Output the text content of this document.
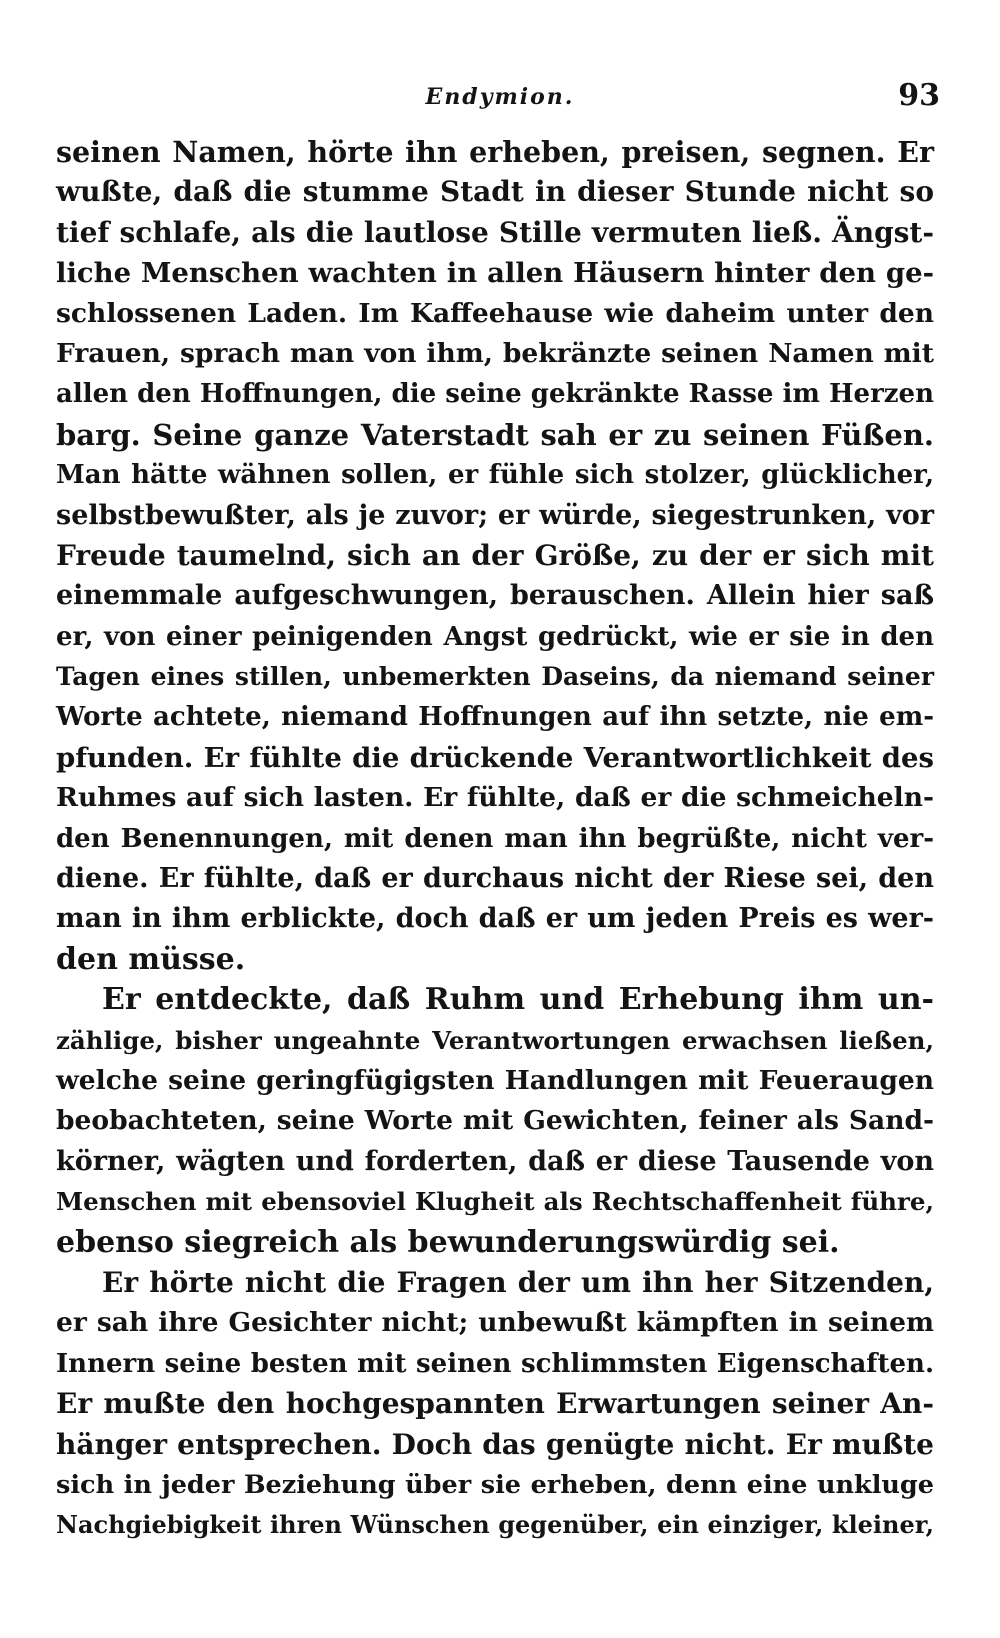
Endymion.	93
seinen Namen, hörte ihn erheben, preisen, segnen. Er
wußte, daß die stumme Stadt in dieser Stunde nicht so
tief schlafe, als die lautlose Stille vermuten ließ. Ängst-
liche Menschen wachten in allen Häusern hinter den ge-
schlossenen Laden. Im Kaffeehause wie daheim unter den
Frauen, sprach man von ihm, bekränzte seinen Namen mit
allen den Hoffnungen, die seine gekränkte Rasse im Herzen
barg. Seine ganze Vaterstadt sah er zu seinen Füßen.
Man hätte wähnen sollen, er fühle sich stolzer, glücklicher,
selbstbewußter, als je zuvor; er würde, siegestrunken, vor
Freude taumelnd, sich an der Größe, zu der er sich mit
einemmale aufgeschwungen, berauschen. Allein hier saß
er, von einer peinigenden Angst gedrückt, wie er sie in den
Tagen eines stillen, unbemerkten Daseins, da niemand seiner
Worte achtete, niemand Hoffnungen auf ihn setzte, nie em-
pfunden. Er fühlte die drückende Verantwortlichkeit des
Ruhmes auf sich lasten. Er fühlte, daß er die schmeicheln-
den Benennungen, mit denen man ihn begrüßte, nicht ver-
diene. Er fühlte, daß er durchaus nicht der Riese sei, den
man in ihm erblickte, doch daß er um jeden Preis es wer-
den müsse.
Er entdeckte, daß Ruhm und Erhebung ihm un-
zählige, bisher ungeahnte Verantwortungen erwachsen ließen,
welche seine geringfügigsten Handlungen mit Feueraugen
beobachteten, seine Worte mit Gewichten, feiner als Sand-
körner, wägten und forderten, daß er diese Tausende von
Menschen mit ebensoviel Klugheit als Rechtschaffenheit führe,
ebenso siegreich als bewunderungswürdig sei.
Er hörte nicht die Fragen der um ihn her Sitzenden,
er sah ihre Gesichter nicht; unbewußt kämpften in seinem
Innern seine besten mit seinen schlimmsten Eigenschaften.
Er mußte den hochgespannten Erwartungen seiner An-
hänger entsprechen. Doch das genügte nicht. Er mußte
sich in jeder Beziehung über sie erheben, denn eine unkluge
Nachgiebigkeit ihren Wünschen gegenüber, ein einziger, kleiner,
